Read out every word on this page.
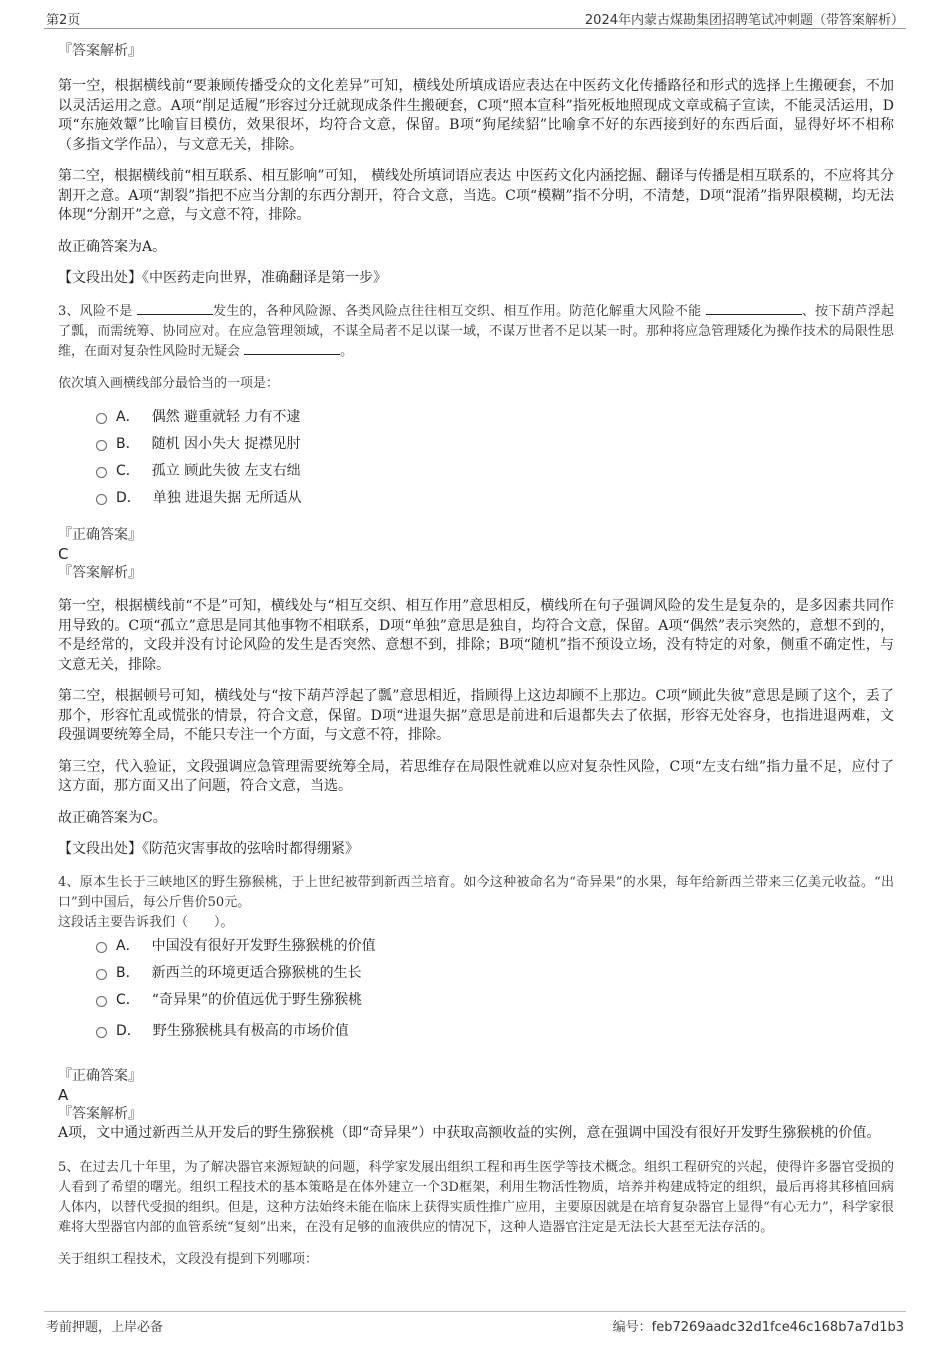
第2页	2024年内蒙古煤勘集团招聘笔试冲刺题（带答案解析）

『答案解析』

第一空，根据横线前“要兼顾传播受众的文化差异”可知，横线处所填成语应表达在中医药文化传播路径和形式的选择上生搬硬套，不加以灵活运用之意。A项“削足适履”形容过分迁就现成条件生搬硬套，C项“照本宣科”指死板地照现成文章或稿子宣读，不能灵活运用，D项“东施效颦”比喻盲目模仿，效果很坏，均符合文意，保留。B项“狗尾续貂”比喻拿不好的东西接到好的东西后面，显得好坏不相称（多指文学作品），与文意无关，排除。

第二空，根据横线前“相互联系、相互影响”可知， 横线处所填词语应表达 中医药文化内涵挖掘、翻译与传播是相互联系的，不应将其分割开之意。A项“割裂”指把不应当分割的东西分割开，符合文意，当选。C项“模糊”指不分明，不清楚，D项“混淆”指界限模糊，均无法体现“分割开”之意，与文意不符，排除。

故正确答案为A。

【文段出处】《中医药走向世界，准确翻译是第一步》

3、风险不是	发生的，各种风险源、各类风险点往往相互交织、相互作用。防范化解重大风险不能	、按下葫芦浮起了瓢，而需统筹、协同应对。在应急管理领域，不谋全局者不足以谋一域，不谋万世者不足以某一时。那种将应急管理矮化为操作技术的局限性思维，在面对复杂性风险时无疑会	。

依次填入画横线部分最恰当的一项是：

A． 偶然 避重就轻 力有不逮
B． 随机 因小失大 捉襟见肘
C． 孤立 顾此失彼 左支右绌
D． 单独 进退失据 无所适从

『正确答案』

C

『答案解析』

第一空，根据横线前“不是”可知，横线处与“相互交织、相互作用”意思相反，横线所在句子强调风险的发生是复杂的，是多因素共同作用导致的。C项“孤立”意思是同其他事物不相联系，D项“单独”意思是独自，均符合文意，保留。A项“偶然”表示突然的，意想不到的，不是经常的，文段并没有讨论风险的发生是否突然、意想不到，排除；B项“随机”指不预设立场，没有特定的对象，侧重不确定性，与文意无关，排除。

第二空，根据顿号可知，横线处与“按下葫芦浮起了瓢”意思相近，指顾得上这边却顾不上那边。C项“顾此失彼”意思是顾了这个，丢了那个，形容忙乱或慌张的情景，符合文意，保留。D项“进退失据”意思是前进和后退都失去了依据，形容无处容身，也指进退两难，文段强调要统筹全局，不能只专注一个方面，与文意不符，排除。

第三空，代入验证，文段强调应急管理需要统筹全局，若思维存在局限性就难以应对复杂性风险，C项“左支右绌”指力量不足，应付了这方面，那方面又出了问题，符合文意，当选。

故正确答案为C。

【文段出处】《防范灾害事故的弦啥时都得绷紧》

4、原本生长于三峡地区的野生猕猴桃，于上世纪被带到新西兰培育。如今这种被命名为“奇异果”的水果，每年给新西兰带来三亿美元收益。“出口”到中国后，每公斤售价50元。

这段话主要告诉我们（　　）。

A． 中国没有很好开发野生猕猴桃的价值
B． 新西兰的环境更适合猕猴桃的生长
C． “奇异果”的价值远优于野生猕猴桃
D． 野生猕猴桃具有极高的市场价值

『正确答案』

A

『答案解析』

A项，文中通过新西兰从开发后的野生猕猴桃（即“奇异果”）中获取高额收益的实例，意在强调中国没有很好开发野生猕猴桃的价值。

5、在过去几十年里，为了解决器官来源短缺的问题，科学家发展出组织工程和再生医学等技术概念。组织工程研究的兴起，使得许多器官受损的人看到了希望的曙光。组织工程技术的基本策略是在体外建立一个3D框架，利用生物活性物质，培养并构建成特定的组织，最后再将其移植回病人体内，以替代受损的组织。但是，这种方法始终未能在临床上获得实质性推广应用，主要原因就是在培育复杂器官上显得“有心无力”，科学家很难将大型器官内部的血管系统“复刻”出来，在没有足够的血液供应的情况下，这种人造器官注定是无法长大甚至无法存活的。

关于组织工程技术，文段没有提到下列哪项：

考前押题，上岸必备	编号：feb7269aadc32d1fce46c168b7a7d1b3
